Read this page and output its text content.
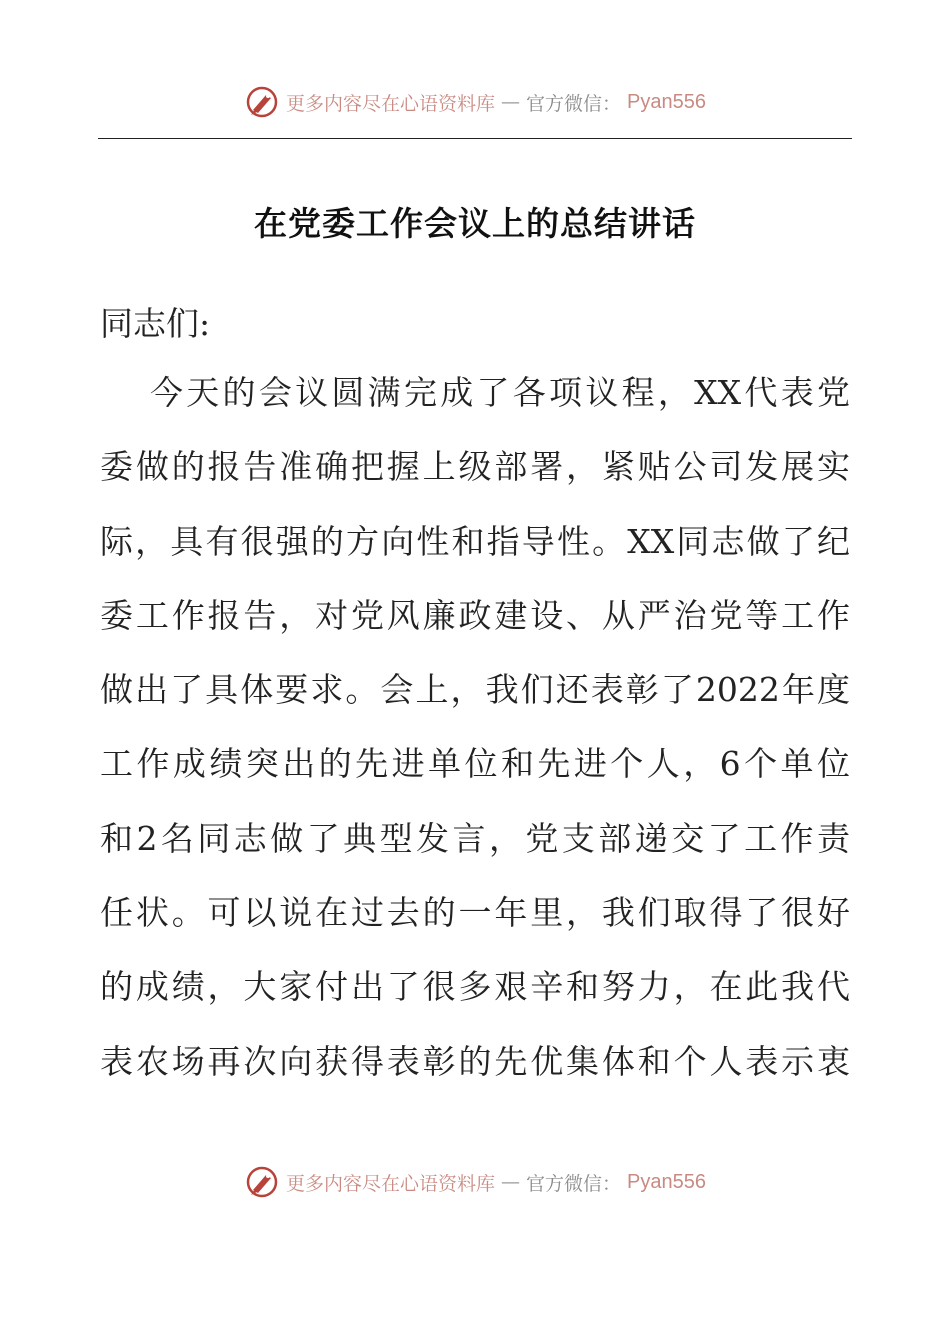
更多内容尽在心语资料库 — 官方微信： Pyan556
在党委工作会议上的总结讲话

同志们:

今天的会议圆满完成了各项议程，XX代表党
委做的报告准确把握上级部署，紧贴公司发展实
际，具有很强的方向性和指导性。XX同志做了纪
委工作报告，对党风廉政建设、从严治党等工作
做出了具体要求。会上，我们还表彰了2022年度
工作成绩突出的先进单位和先进个人，6个单位
和2名同志做了典型发言，党支部递交了工作责
任状。可以说在过去的一年里，我们取得了很好
的成绩，大家付出了很多艰辛和努力，在此我代
表农场再次向获得表彰的先优集体和个人表示衷
更多内容尽在心语资料库 — 官方微信： Pyan556
